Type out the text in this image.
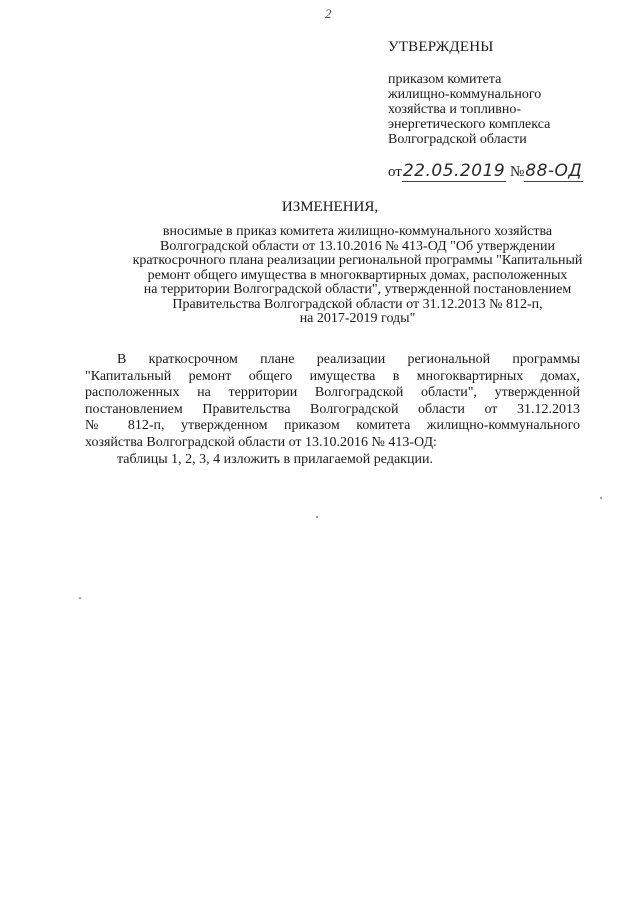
2
УТВЕРЖДЕНЫ
приказом комитета
жилищно-коммунального
хозяйства и топливно-
энергетического комплекса
Волгоградской области
от22.05.2019 №88-ОД
ИЗМЕНЕНИЯ,
вносимые в приказ комитета жилищно-коммунального хозяйства
Волгоградской области от 13.10.2016 № 413-ОД "Об утверждении
краткосрочного плана реализации региональной программы "Капитальный
ремонт общего имущества в многоквартирных домах, расположенных
на территории Волгоградской области", утвержденной постановлением
Правительства Волгоградской области от 31.12.2013 № 812-п,
на 2017-2019 годы"
В краткосрочном плане реализации региональной программы
"Капитальный ремонт общего имущества в многоквартирных домах,
расположенных на территории Волгоградской области", утвержденной
постановлением Правительства Волгоградской области от 31.12.2013
№ 812-п, утвержденном приказом комитета жилищно-коммунального
хозяйства Волгоградской области от 13.10.2016 № 413-ОД:
таблицы 1, 2, 3, 4 изложить в прилагаемой редакции.
